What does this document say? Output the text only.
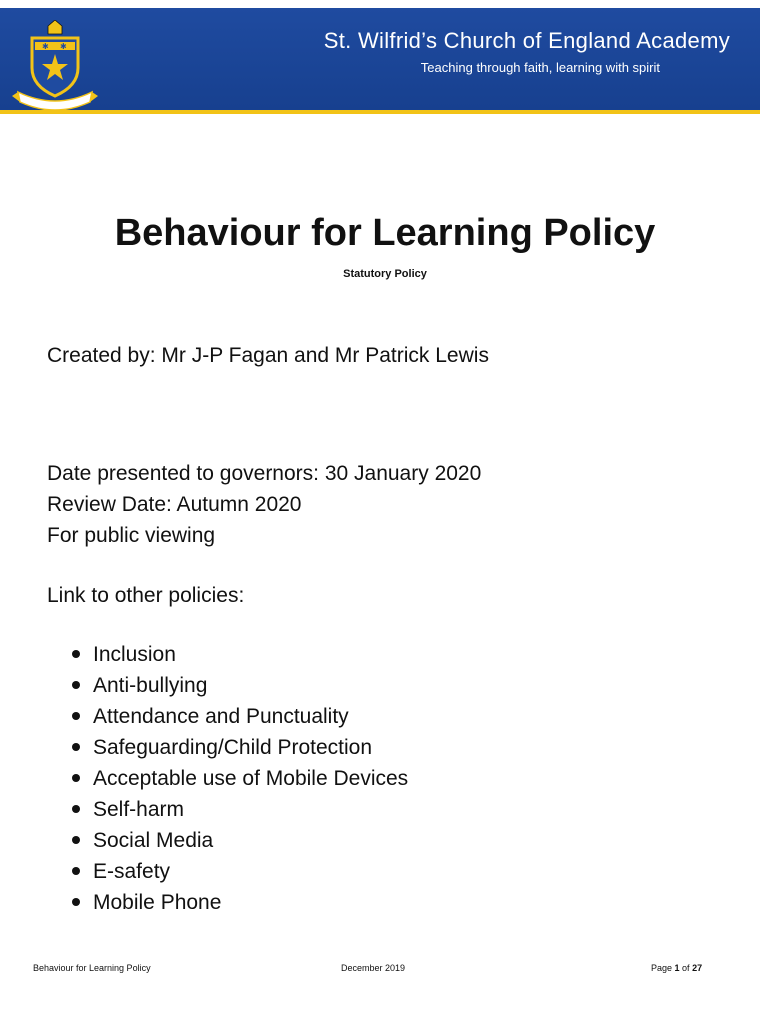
✱ ✱	St. Wilfrid’s Church of England Academy
Teaching through faith, learning with spirit
Behaviour for Learning Policy
Statutory Policy
Created by: Mr J-P Fagan and Mr Patrick Lewis
Date presented to governors: 30 January 2020
Review Date: Autumn 2020
For public viewing
Link to other policies:
Inclusion
Anti-bullying
Attendance and Punctuality
Safeguarding/Child Protection
Acceptable use of Mobile Devices
Self-harm
Social Media
E-safety
Mobile Phone
Behaviour for Learning Policy	December 2019	Page 1 of 27
